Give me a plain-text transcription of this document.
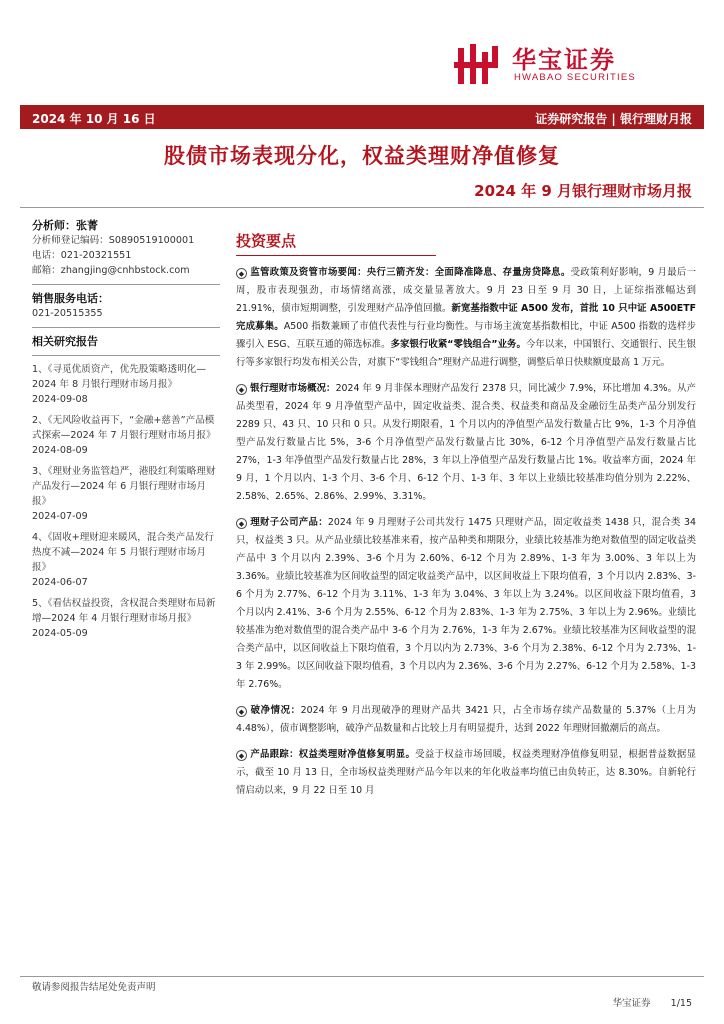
华宝证券
HWABAO SECURITIES
2024 年 10 月 16 日	证券研究报告 | 银行理财月报
股债市场表现分化，权益类理财净值修复
2024 年 9 月银行理财市场月报
分析师：张菁
分析师登记编码：S0890519100001
电话：021-20321551
邮箱：zhangjing@cnhbstock.com
销售服务电话：
021-20515355
相关研究报告
1、《寻觅优质资产，优先股策略透明化—2024 年 8 月银行理财市场月报》
2024-09-08
2、《无风险收益再下，“金融+慈善”产品模式探索—2024 年 7 月银行理财市场月报》
2024-08-09
3、《理财业务监管趋严，港股红利策略理财产品发行—2024 年 6 月银行理财市场月报》
2024-07-09
4、《固收+理财迎来暖风，混合类产品发行热度不减—2024 年 5 月银行理财市场月报》
2024-06-07
5、《看估权益投资，含权混合类理财布局新增—2024 年 4 月银行理财市场月报》
2024-05-09
投资要点

◆ 监管政策及资管市场要闻：央行三箭齐发：全面降准降息、存量房贷降息。受政策利好影响，9 月最后一周，股市表现强劲，市场情绪高涨，成交量显著放大。9 月 23 日至 9 月 30 日，上证综指涨幅达到 21.91%，债市短期调整，引发理财产品净值回撤。新宽基指数中证 A500 发布，首批 10 只中证 A500ETF 完成募集。A500 指数兼顾了市值代表性与行业均衡性。与市场主流宽基指数相比，中证 A500 指数的选样步骤引入 ESG、互联互通的筛选标准。多家银行收紧“零钱组合”业务。今年以来，中国银行、交通银行、民生银行等多家银行均发布相关公告，对旗下“零钱组合”理财产品进行调整，调整后单日快赎额度最高 1 万元。

◆ 银行理财市场概况：2024 年 9 月非保本理财产品发行 2378 只，同比减少 7.9%，环比增加 4.3%。从产品类型看，2024 年 9 月净值型产品中，固定收益类、混合类、权益类和商品及金融衍生品类产品分别发行 2289 只、43 只、10 只和 0 只。从发行期限看，1 个月以内的净值型产品发行数量占比 9%，1-3 个月净值型产品发行数量占比 5%，3-6 个月净值型产品发行数量占比 30%，6-12 个月净值型产品发行数量占比 27%，1-3 年净值型产品发行数量占比 28%，3 年以上净值型产品发行数量占比 1%。收益率方面，2024 年 9 月，1 个月以内、1-3 个月、3-6 个月、6-12 个月、1-3 年、3 年以上业绩比较基准均值分别为 2.22%、2.58%、2.65%、2.86%、2.99%、3.31%。

◆ 理财子公司产品：2024 年 9 月理财子公司共发行 1475 只理财产品，固定收益类 1438 只，混合类 34 只，权益类 3 只。从产品业绩比较基准来看，按产品种类和期限分，业绩比较基准为绝对数值型的固定收益类产品中 3 个月以内 2.39%、3-6 个月为 2.60%、6-12 个月为 2.89%、1-3 年为 3.00%、3 年以上为 3.36%。业绩比较基准为区间收益型的固定收益类产品中，以区间收益上下限均值看，3 个月以内 2.83%、3-6 个月为 2.77%、6-12 个月为 3.11%、1-3 年为 3.04%、3 年以上为 3.24%。以区间收益下限均值看，3 个月以内 2.41%、3-6 个月为 2.55%、6-12 个月为 2.83%、1-3 年为 2.75%、3 年以上为 2.96%。业绩比较基准为绝对数值型的混合类产品中 3-6 个月为 2.76%，1-3 年为 2.67%。业绩比较基准为区间收益型的混合类产品中，以区间收益上下限均值看，3 个月以内为 2.73%、3-6 个月为 2.38%、6-12 个月为 2.73%、1-3 年 2.99%。以区间收益下限均值看，3 个月以内为 2.36%、3-6 个月为 2.27%、6-12 个月为 2.58%、1-3 年 2.76%。

◆ 破净情况：2024 年 9 月出现破净的理财产品共 3421 只，占全市场存续产品数量的 5.37%（上月为 4.48%），债市调整影响，破净产品数量和占比较上月有明显提升，达到 2022 年理财回撤潮后的高点。

◆ 产品跟踪：权益类理财净值修复明显。受益于权益市场回暖，权益类理财净值修复明显，根据普益数据显示，截至 10 月 13 日，全市场权益类理财产品今年以来的年化收益率均值已由负转正，达 8.30%。自新轮行情启动以来，9 月 22 日至 10 月

敬请参阅报告结尾处免责声明
华宝证券 1/15
